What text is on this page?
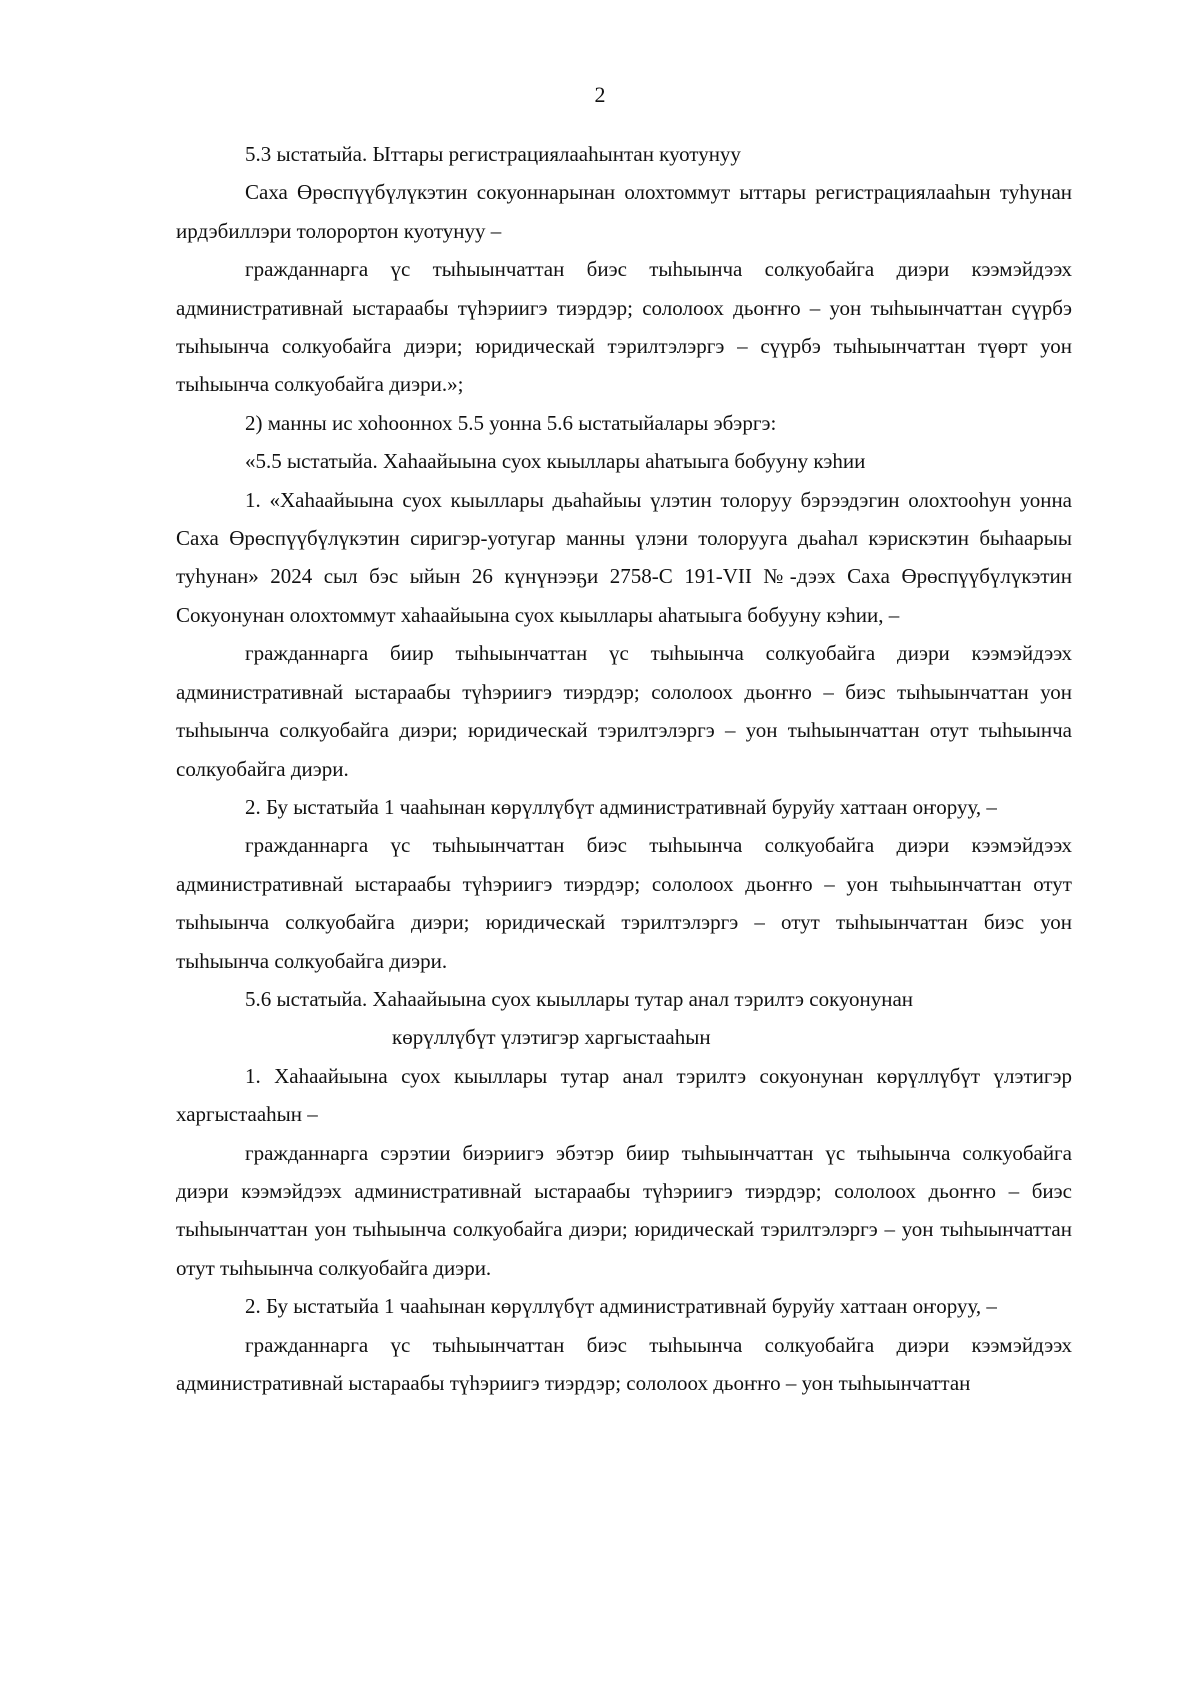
2

5.3 ыстатыйа. Ыттары регистрациялааһынтан куотунуу

Саха Өрөспүүбүлүкэтин сокуоннарынан олохтоммут ыттары регистрациялааһын туһунан ирдэбиллэри толорортон куотунуу –

гражданнарга үс тыһыынчаттан биэс тыһыынча солкуобайга диэри кээмэйдээх административнай ыстараабы түһэриигэ тиэрдэр; сололоох дьоҥҥо – уон тыһыынчаттан сүүрбэ тыһыынча солкуобайга диэри; юридическай тэрилтэлэргэ – сүүрбэ тыһыынчаттан түөрт уон тыһыынча солкуобайга диэри.»;

2) манны ис хоһооннох 5.5 уонна 5.6 ыстатыйалары эбэргэ:

«5.5 ыстатыйа. Хаһаайыына суох кыыллары аһатыыга бобууну кэһии

1. «Хаһаайыына суох кыыллары дьаһайыы үлэтин толоруу бэрээдэгин олохтооһун уонна Саха Өрөспүүбүлүкэтин сиригэр-уотугар манны үлэни толорууга дьаһал кэрискэтин быһаарыы туһунан» 2024 сыл бэс ыйын 26 күнүнээҕи 2758-С 191-VII №-дээх Саха Өрөспүүбүлүкэтин Сокуонунан олохтоммут хаһаайыына суох кыыллары аһатыыга бобууну кэһии, –

гражданнарга биир тыһыынчаттан үс тыһыынча солкуобайга диэри кээмэйдээх административнай ыстараабы түһэриигэ тиэрдэр; сололоох дьоҥҥо – биэс тыһыынчаттан уон тыһыынча солкуобайга диэри; юридическай тэрилтэлэргэ – уон тыһыынчаттан отут тыһыынча солкуобайга диэри.

2. Бу ыстатыйа 1 чааһынан көрүллүбүт административнай буруйу хаттаан оҥоруу, –

гражданнарга үс тыһыынчаттан биэс тыһыынча солкуобайга диэри кээмэйдээх административнай ыстараабы түһэриигэ тиэрдэр; сололоох дьоҥҥо – уон тыһыынчаттан отут тыһыынча солкуобайга диэри; юридическай тэрилтэлэргэ – отут тыһыынчаттан биэс уон тыһыынча солкуобайга диэри.

5.6 ыстатыйа. Хаһаайыына суох кыыллары тутар анал тэрилтэ сокуонунан

көрүллүбүт үлэтигэр харгыстааһын

1. Хаһаайыына суох кыыллары тутар анал тэрилтэ сокуонунан көрүллүбүт үлэтигэр харгыстааһын –

гражданнарга сэрэтии биэриигэ эбэтэр биир тыһыынчаттан үс тыһыынча солкуобайга диэри кээмэйдээх административнай ыстараабы түһэриигэ тиэрдэр; сололоох дьоҥҥо – биэс тыһыынчаттан уон тыһыынча солкуобайга диэри; юридическай тэрилтэлэргэ – уон тыһыынчаттан отут тыһыынча солкуобайга диэри.

2. Бу ыстатыйа 1 чааһынан көрүллүбүт административнай буруйу хаттаан оҥоруу, –

гражданнарга үс тыһыынчаттан биэс тыһыынча солкуобайга диэри кээмэйдээх административнай ыстараабы түһэриигэ тиэрдэр; сололоох дьоҥҥо – уон тыһыынчаттан
